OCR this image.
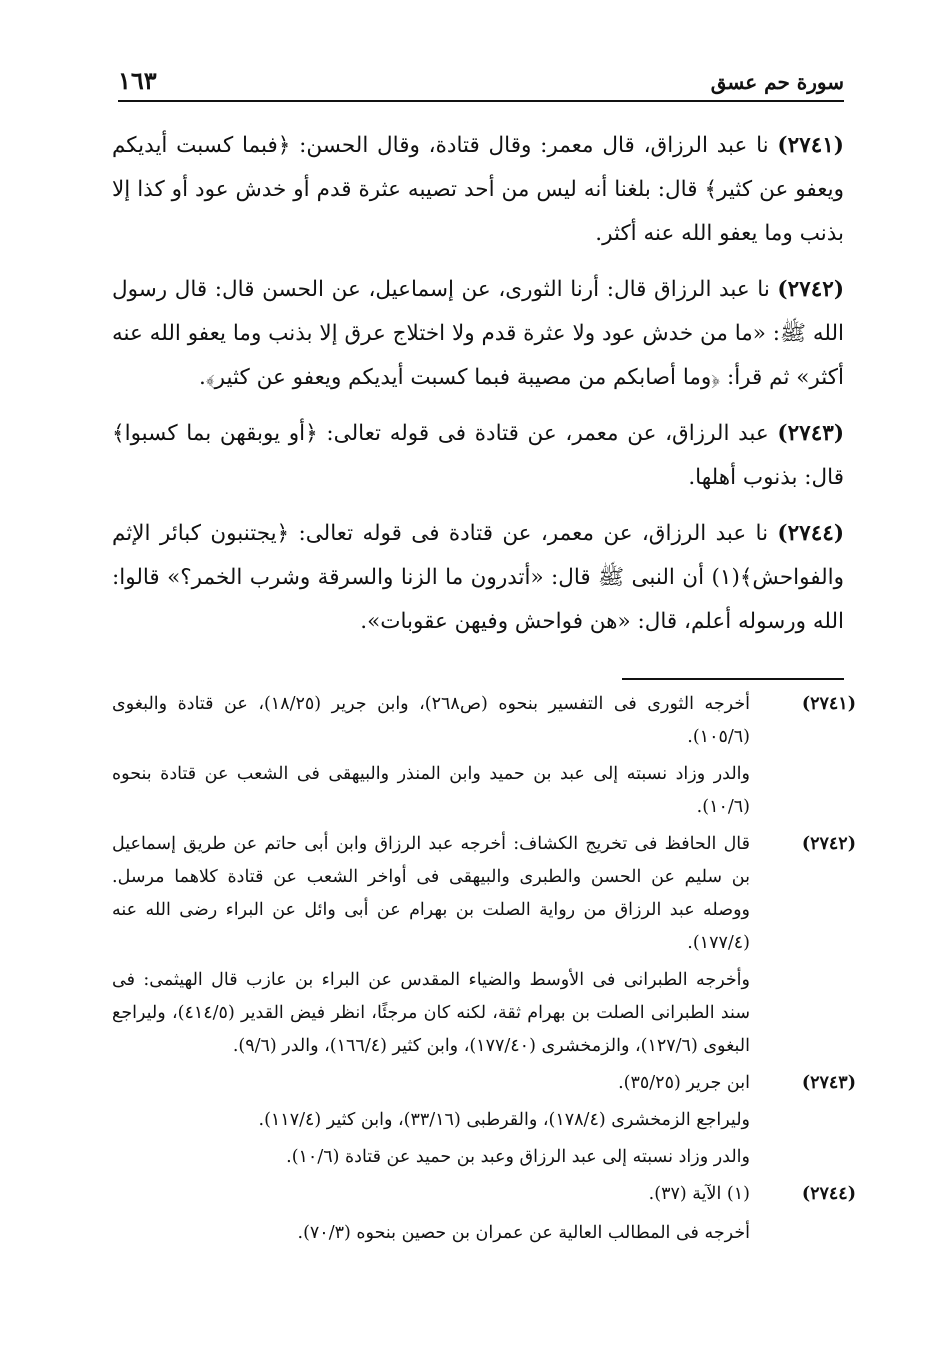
سورة حم عسق
١٦٣

(٢٧٤١) نا عبد الرزاق، قال معمر: وقال قتادة، وقال الحسن: ﴿فبما كسبت أيديكم ويعفو عن كثير﴾ قال: بلغنا أنه ليس من أحد تصيبه عثرة قدم أو خدش عود أو كذا إلا بذنب وما يعفو الله عنه أكثر.

(٢٧٤٢) نا عبد الرزاق قال: أرنا الثورى، عن إسماعيل، عن الحسن قال: قال رسول الله ﷺ: «ما من خدش عود ولا عثرة قدم ولا اختلاج عرق إلا بذنب وما يعفو الله عنه أكثر» ثم قرأ: ﴿وما أصابكم من مصيبة فبما كسبت أيديكم ويعفو عن كثير﴾.

(٢٧٤٣) عبد الرزاق، عن معمر، عن قتادة فى قوله تعالى: ﴿أو يوبقهن بما كسبوا﴾ قال: بذنوب أهلها.

(٢٧٤٤) نا عبد الرزاق، عن معمر، عن قتادة فى قوله تعالى: ﴿يجتنبون كبائر الإثم والفواحش﴾(١) أن النبى ﷺ قال: «أتدرون ما الزنا والسرقة وشرب الخمر؟» قالوا: الله ورسوله أعلم، قال: «هن فواحش وفيهن عقوبات».

(٢٧٤١)

أخرجه الثورى فى التفسير بنحوه (ص٢٦٨)، وابن جرير (١٨/٢٥)، عن قتادة والبغوى (١٠٥/٦).

والدر وزاد نسبته إلى عبد بن حميد وابن المنذر والبيهقى فى الشعب عن قتادة بنحوه (١٠/٦).

(٢٧٤٢)

قال الحافظ فى تخريج الكشاف: أخرجه عبد الرزاق وابن أبى حاتم عن طريق إسماعيل بن سليم عن الحسن والطبرى والبيهقى فى أواخر الشعب عن قتادة كلاهما مرسل. ووصله عبد الرزاق من رواية الصلت بن بهرام عن أبى وائل عن البراء رضى الله عنه (١٧٧/٤).

وأخرجه الطبرانى فى الأوسط والضياء المقدس عن البراء بن عازب قال الهيثمى: فى سند الطبرانى الصلت بن بهرام ثقة، لكنه كان مرجئًا، انظر فيض القدير (٤١٤/٥)، وليراجع البغوى (١٢٧/٦)، والزمخشرى (١٧٧/٤٠)، وابن كثير (١٦٦/٤)، والدر (٩/٦).

(٢٧٤٣)

ابن جرير (٣٥/٢٥).

وليراجع الزمخشرى (١٧٨/٤)، والقرطبى (٣٣/١٦)، وابن كثير (١١٧/٤).

والدر وزاد نسبته إلى عبد الرزاق وعبد بن حميد عن قتادة (١٠/٦).

(٢٧٤٤)

(١) الآية (٣٧).

أخرجه فى المطالب العالية عن عمران بن حصين بنحوه (٧٠/٣).
